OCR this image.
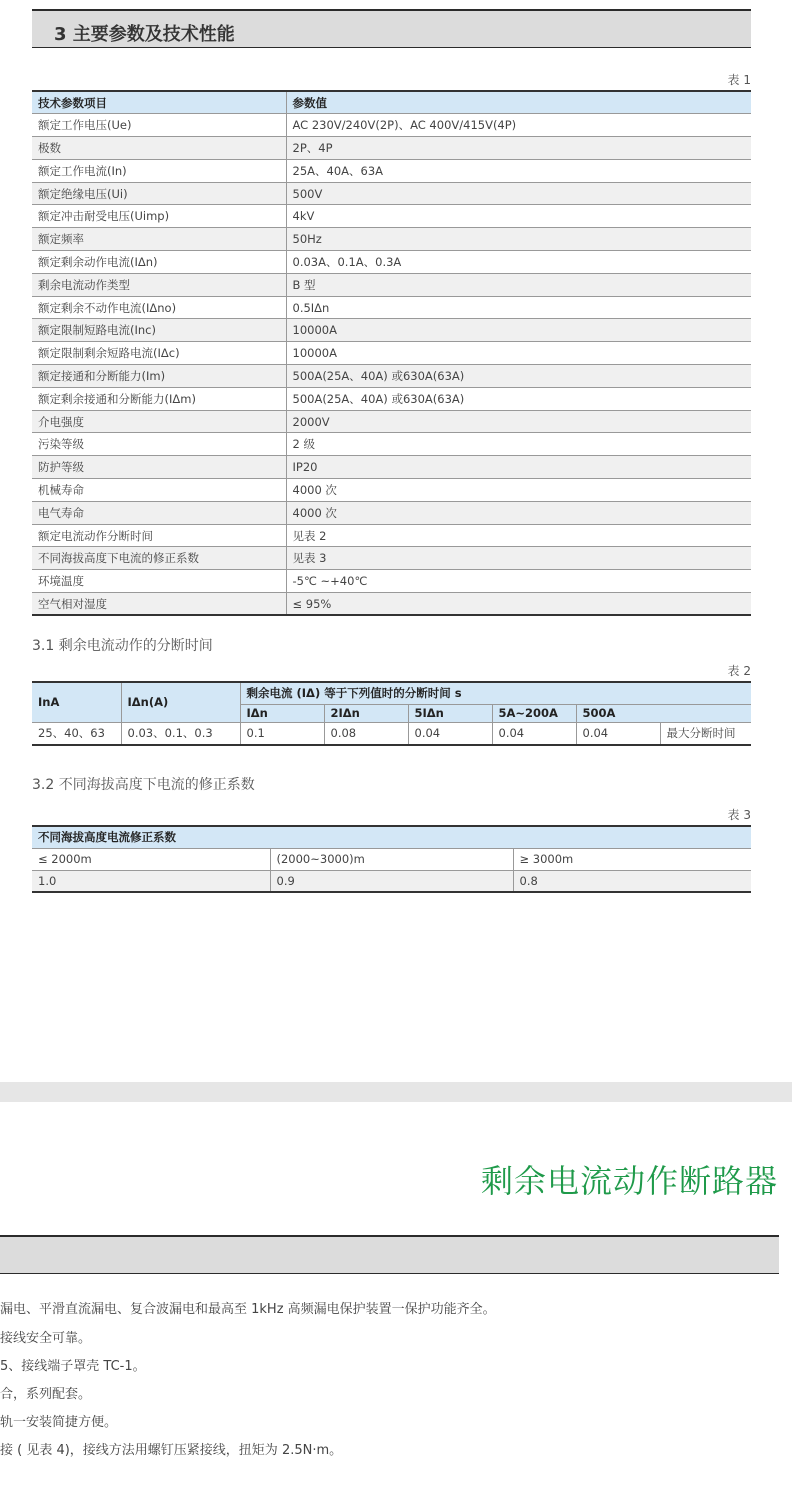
3 主要参数及技术性能
表 1
技术参数项目	参数值
额定工作电压(Ue)	AC 230V/240V(2P)、AC 400V/415V(4P)
极数	2P、4P
额定工作电流(In)	25A、40A、63A
额定绝缘电压(Ui)	500V
额定冲击耐受电压(Uimp)	4kV
额定频率	50Hz
额定剩余动作电流(IΔn)	0.03A、0.1A、0.3A
剩余电流动作类型	B 型
额定剩余不动作电流(IΔno)	0.5IΔn
额定限制短路电流(Inc)	10000A
额定限制剩余短路电流(IΔc)	10000A
额定接通和分断能力(Im)	500A(25A、40A) 或630A(63A)
额定剩余接通和分断能力(IΔm)	500A(25A、40A) 或630A(63A)
介电强度	2000V
污染等级	2 级
防护等级	IP20
机械寿命	4000 次
电气寿命	4000 次
额定电流动作分断时间	见表 2
不同海拔高度下电流的修正系数	见表 3
环境温度	-5℃ ~+40℃
空气相对湿度	≤ 95%
3.1 剩余电流动作的分断时间
表 2
InA	IΔn(A)	剩余电流 (IΔ) 等于下列值时的分断时间 s					
		IΔn	2IΔn	5IΔn	5A~200A	500A	
25、40、63	0.03、0.1、0.3	0.1	0.08	0.04	0.04	0.04	最大分断时间
3.2 不同海拔高度下电流的修正系数
表 3
不同海拔高度电流修正系数		
≤ 2000m	(2000~3000)m	≥ 3000m
1.0	0.9	0.8
剩余电流动作断路器
漏电、平滑直流漏电、复合波漏电和最高至 1kHz 高频漏电保护装置一保护功能齐全。
接线安全可靠。
5、接线端子罩壳 TC-1。
合，系列配套。
轨一安装简捷方便。
接 ( 见表 4)，接线方法用螺钉压紧接线，扭矩为 2.5N·m。
